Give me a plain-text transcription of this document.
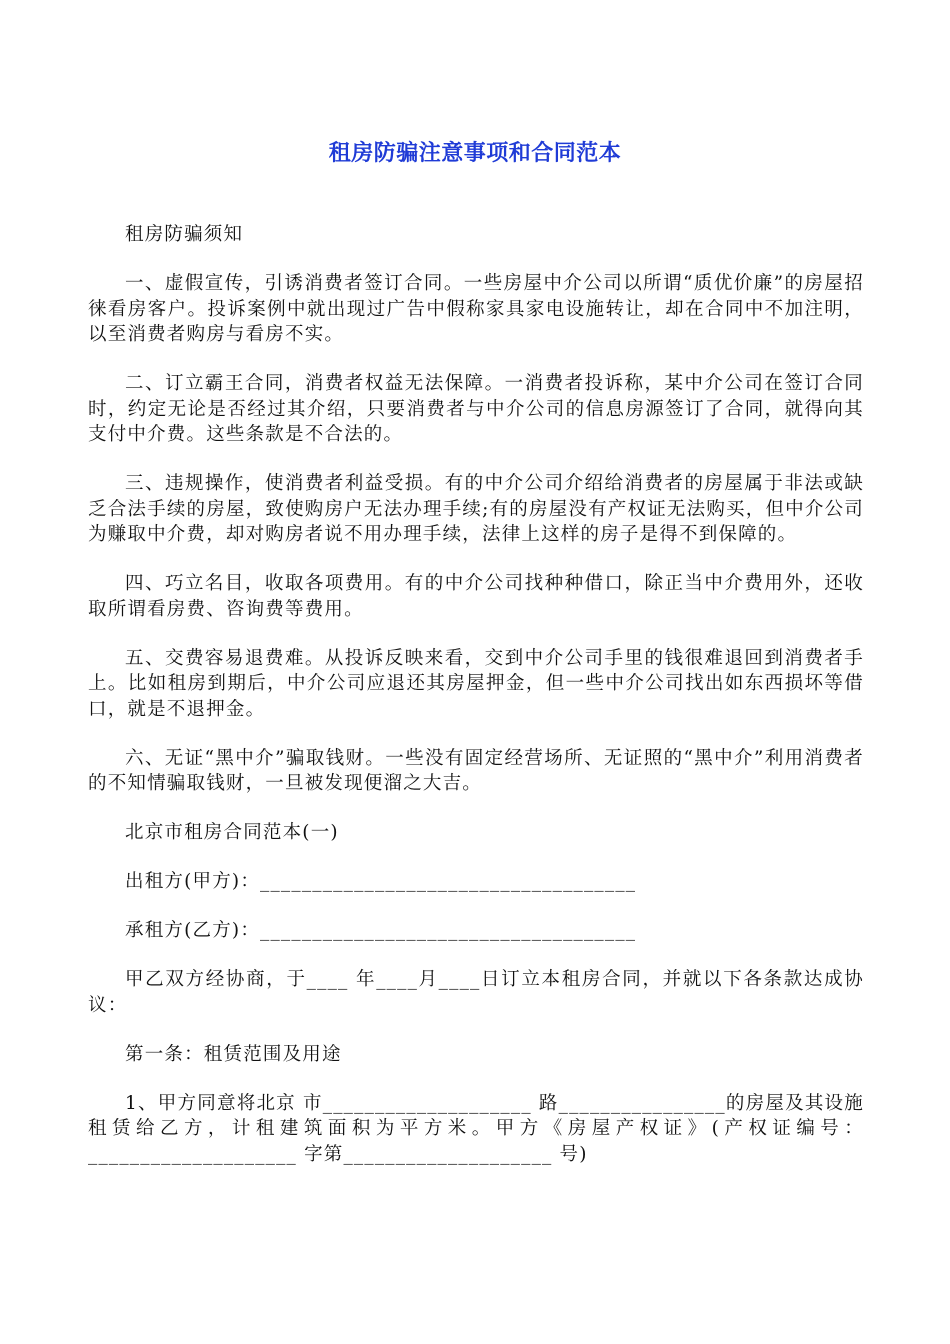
租房防骗注意事项和合同范本

租房防骗须知

一、虚假宣传，引诱消费者签订合同。一些房屋中介公司以所谓“质优价廉”的房屋招徕看房客户。投诉案例中就出现过广告中假称家具家电设施转让，却在合同中不加注明，以至消费者购房与看房不实。

二、订立霸王合同，消费者权益无法保障。一消费者投诉称，某中介公司在签订合同时，约定无论是否经过其介绍，只要消费者与中介公司的信息房源签订了合同，就得向其支付中介费。这些条款是不合法的。

三、违规操作，使消费者利益受损。有的中介公司介绍给消费者的房屋属于非法或缺乏合法手续的房屋，致使购房户无法办理手续;有的房屋没有产权证无法购买，但中介公司为赚取中介费，却对购房者说不用办理手续，法律上这样的房子是得不到保障的。

四、巧立名目，收取各项费用。有的中介公司找种种借口，除正当中介费用外，还收取所谓看房费、咨询费等费用。

五、交费容易退费难。从投诉反映来看，交到中介公司手里的钱很难退回到消费者手上。比如租房到期后，中介公司应退还其房屋押金，但一些中介公司找出如东西损坏等借口，就是不退押金。

六、无证“黑中介”骗取钱财。一些没有固定经营场所、无证照的“黑中介”利用消费者的不知情骗取钱财，一旦被发现便溜之大吉。

北京市租房合同范本(一)

出租方(甲方)：____________________________________

承租方(乙方)：____________________________________

甲乙双方经协商，于____ 年____月____日订立本租房合同，并就以下各条款达成协议：

第一条：租赁范围及用途

1、甲方同意将北京 市____________________ 路________________的房屋及其设施租赁给乙方，计租建筑面积为平方米。甲方《房屋产权证》(产权证编号：____________________ 字第____________________ 号)
